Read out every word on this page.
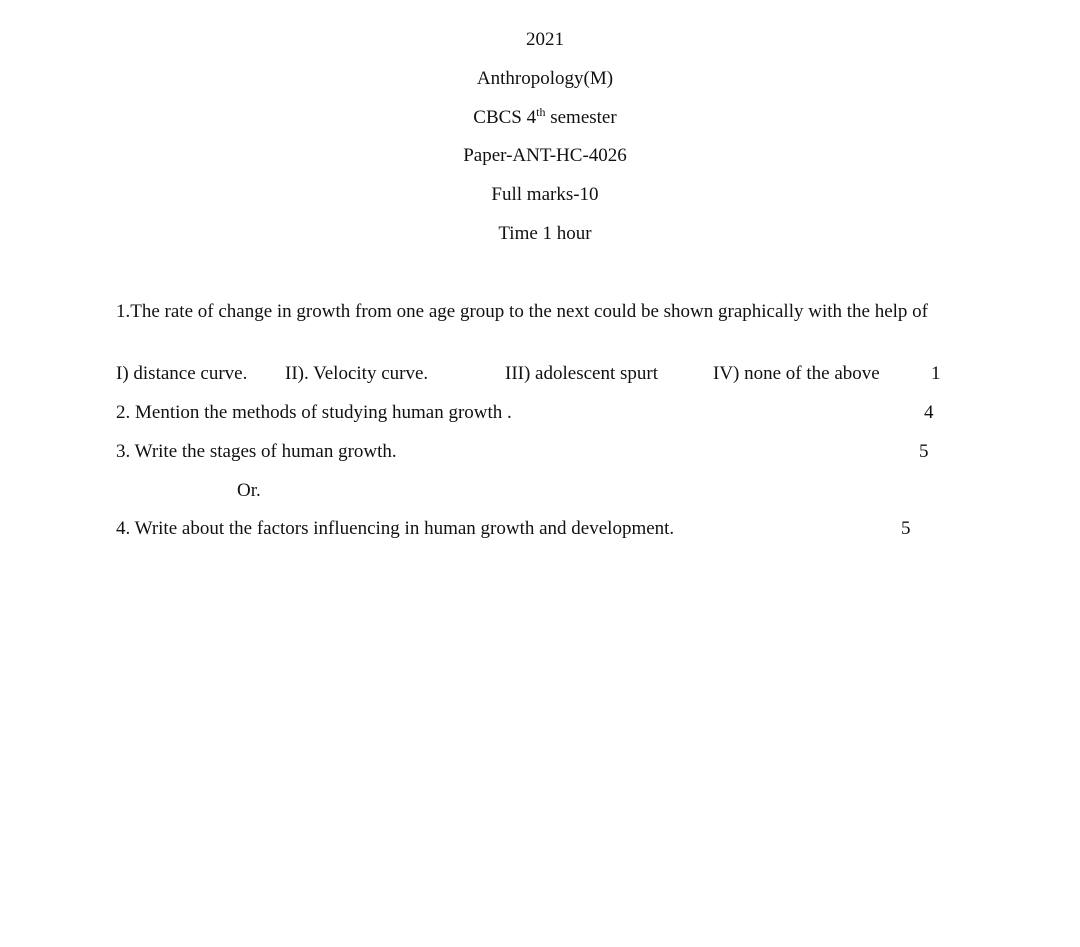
2021
Anthropology(M)
CBCS 4th semester
Paper-ANT-HC-4026
Full marks-10
Time 1 hour
1.The rate of change in growth from one age group to the next could be shown graphically with the help of
I) distance curve. II). Velocity curve.	III) adolescent spurt	IV) none of the above	1
2. Mention the methods of studying human growth .	4
3. Write the stages of human growth.	5
Or.
4. Write about the factors influencing in human growth and development.	5
